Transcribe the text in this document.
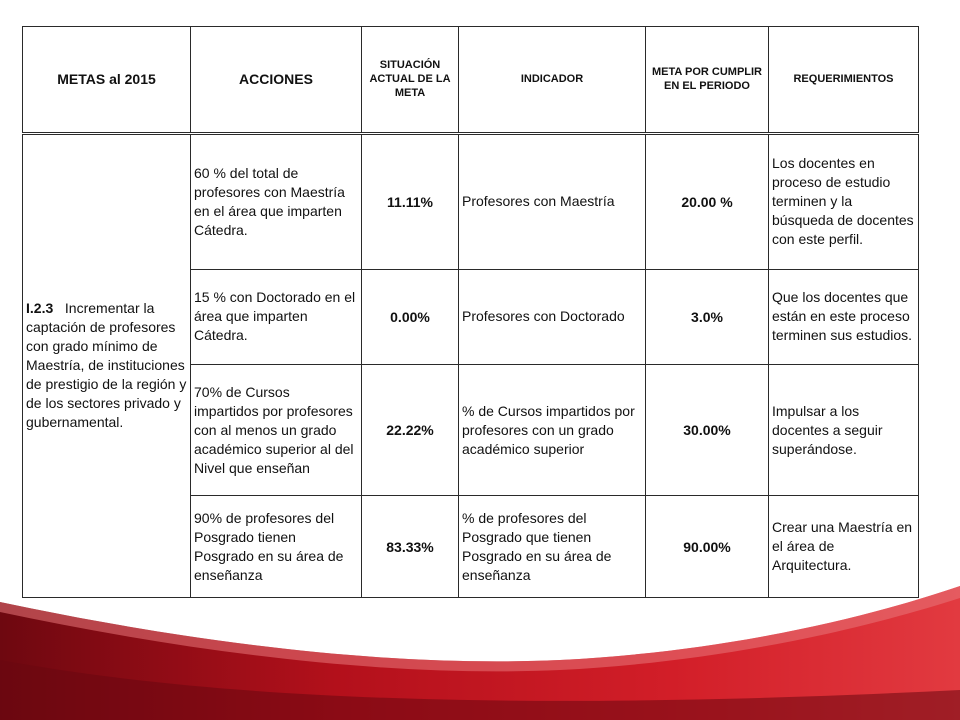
METAS al 2015	ACCIONES	SITUACIÓN ACTUAL DE LA META	INDICADOR	META POR CUMPLIR EN EL PERIODO	REQUERIMIENTOS
I.2.3 Incrementar la captación de profesores con grado mínimo de Maestría, de instituciones de prestigio de la región y de los sectores privado y gubernamental.	60 % del total de profesores con Maestría en el área que imparten Cátedra.	11.11%	Profesores con Maestría	20.00 %	Los docentes en proceso de estudio terminen y la búsqueda de docentes con este perfil.
	15 % con Doctorado en el área que imparten Cátedra.	0.00%	Profesores con Doctorado	3.0%	Que los docentes que están en este proceso terminen sus estudios.
	70% de Cursos impartidos por profesores con al menos un grado académico superior al del Nivel que enseñan	22.22%	% de Cursos impartidos por profesores con un grado académico superior	30.00%	Impulsar a los docentes a seguir superándose.
	90% de profesores del Posgrado tienen Posgrado en su área de enseñanza	83.33%	% de profesores del Posgrado que tienen Posgrado en su área de enseñanza	90.00%	Crear una Maestría en el área de Arquitectura.
